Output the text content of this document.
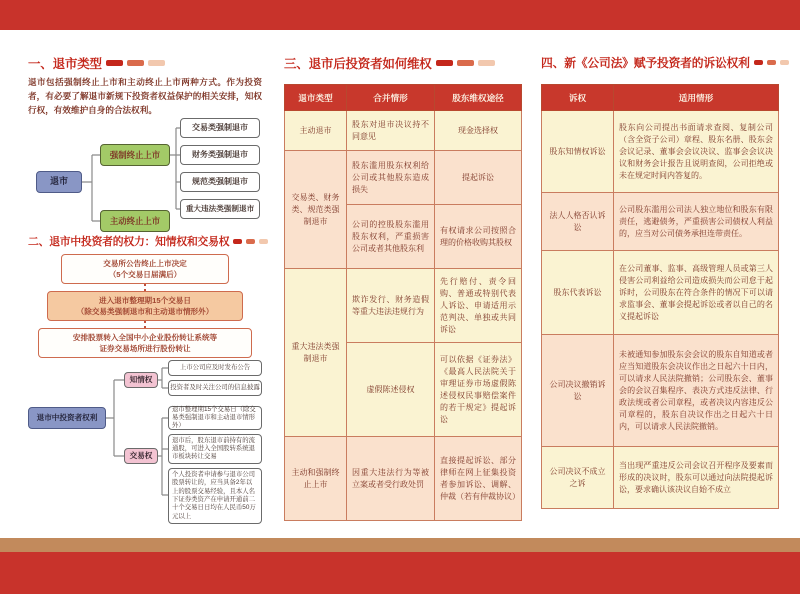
一、退市类型
退市包括强制终止上市和主动终止上市两种方式。作为投资者，有必要了解退市新规下投资者权益保护的相关安排，知权行权，有效维护自身的合法权利。
退市
强制终止上市
主动终止上市
交易类强制退市
财务类强制退市
规范类强制退市
重大违法类强制退市
二、退市中投资者的权力：知情权和交易权
交易所公告终止上市决定
（5个交易日届满后）
进入退市整理期15个交易日
（除交易类强制退市和主动退市情形外）
安排股票转入全国中小企业股份转让系统等
证券交易场所进行股份转让
退市中投资者权利
知情权
交易权
上市公司应及时发布公告
投资者及时关注公司的信息披露
退市整理期15个交易日（除交易类强制退市和主动退市情形外）
退市后，股东退市前持有的流通股，可进入全国股转系统退市板块转让交易
个人投资者申请参与退市公司股票转让的，应当具备2年以上的股票交易经验，且本人名下证券类资产在申请开通前二十个交易日日均在人民币50万元以上
三、退市后投资者如何维权
退市类型	合并情形	股东维权途径
主动退市	股东对退市决议持不同意见	现金选择权
交易类、财务类、规范类强制退市	股东滥用股东权利给公司或其他股东造成损失	提起诉讼
	公司的控股股东滥用股东权利，严重损害公司或者其他股东利	有权请求公司按照合理的价格收购其股权
重大违法类强制退市	欺诈发行、财务造假等重大违法违规行为	先行赔付、责令回购、普通或特别代表人诉讼、申请适用示范判决、单独或共同诉讼
	虚假陈述侵权	可以依据《证券法》《最高人民法院关于审理证券市场虚假陈述侵权民事赔偿案件的若干规定》提起诉讼
主动和强制终止上市	因重大违法行为等被立案或者受行政处罚	直接提起诉讼、部分律师在网上征集投资者参加诉讼、调解、仲裁（若有仲裁协议）
四、新《公司法》赋予投资者的诉讼权利
诉权	适用情形
股东知情权诉讼	股东向公司提出书面请求查阅、复制公司（含全资子公司）章程、股东名册、股东会会议记录、董事会会议决议、监事会会议决议和财务会计报告且说明查阅，公司拒绝或未在规定时间内答复的。
法人人格否认诉讼	公司股东滥用公司法人独立地位和股东有限责任，逃避债务，严重损害公司债权人利益的，应当对公司债务承担连带责任。
股东代表诉讼	在公司董事、监事、高级管理人员或第三人侵害公司利益给公司造成损失而公司怠于起诉时，公司股东在符合条件的情况下可以请求监事会、董事会提起诉讼或者以自己的名义提起诉讼
公司决议撤销诉讼	未被通知参加股东会会议的股东自知道或者应当知道股东会决议作出之日起六十日内，可以请求人民法院撤销；公司股东会、董事会的会议召集程序、表决方式违反法律、行政法规或者公司章程，或者决议内容违反公司章程的，股东自决议作出之日起六十日内，可以请求人民法院撤销。
公司决议不成立之诉	当出现严重违反公司会议召开程序及要素而形成的决议时，股东可以通过向法院提起诉讼，要求确认该决议自始不成立
